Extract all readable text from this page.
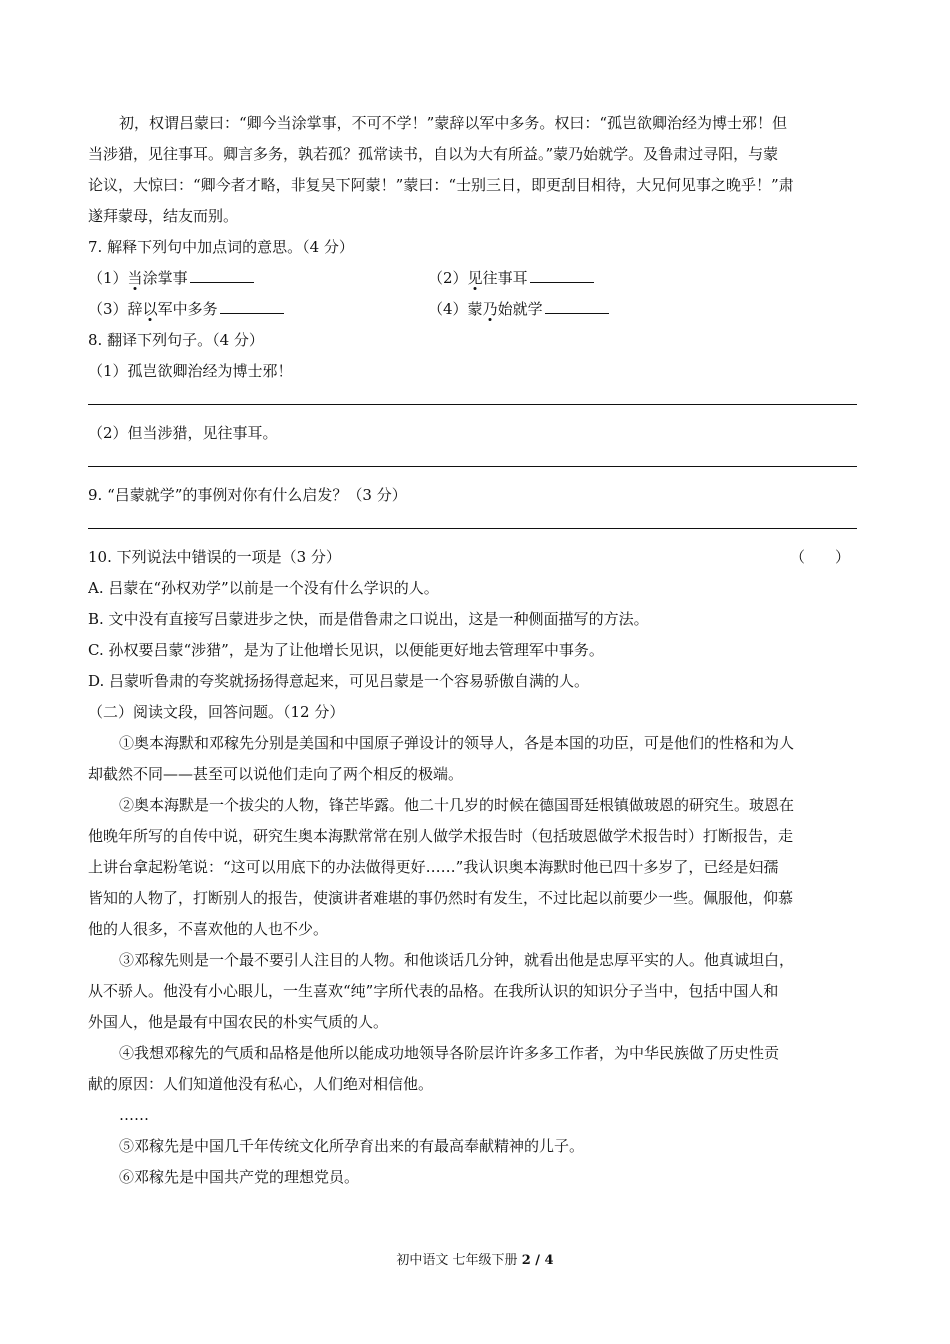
初，权谓吕蒙曰：“卿今当涂掌事，不可不学！”蒙辞以军中多务。权曰：“孤岂欲卿治经为博士邪！但
当涉猎，见往事耳。卿言多务，孰若孤？孤常读书，自以为大有所益。”蒙乃始就学。及鲁肃过寻阳，与蒙
论议，大惊曰：“卿今者才略，非复吴下阿蒙！”蒙曰：“士别三日，即更刮目相待，大兄何见事之晚乎！”肃
遂拜蒙母，结友而别。
7. 解释下列句中加点词的意思。（4 分）
（1）当涂掌事	（2）见往事耳
（3）辞以军中多务	（4）蒙乃始就学
8. 翻译下列句子。（4 分）
（1）孤岂欲卿治经为博士邪！
（2）但当涉猎，见往事耳。
9. “吕蒙就学”的事例对你有什么启发？（3 分）
10. 下列说法中错误的一项是（3 分）	（　　）
A. 吕蒙在“孙权劝学”以前是一个没有什么学识的人。
B. 文中没有直接写吕蒙进步之快，而是借鲁肃之口说出，这是一种侧面描写的方法。
C. 孙权要吕蒙“涉猎”，是为了让他增长见识，以便能更好地去管理军中事务。
D. 吕蒙听鲁肃的夸奖就扬扬得意起来，可见吕蒙是一个容易骄傲自满的人。
（二）阅读文段，回答问题。（12 分）
①奥本海默和邓稼先分别是美国和中国原子弹设计的领导人，各是本国的功臣，可是他们的性格和为人
却截然不同——甚至可以说他们走向了两个相反的极端。
②奥本海默是一个拔尖的人物，锋芒毕露。他二十几岁的时候在德国哥廷根镇做玻恩的研究生。玻恩在
他晚年所写的自传中说，研究生奥本海默常常在别人做学术报告时（包括玻恩做学术报告时）打断报告，走
上讲台拿起粉笔说：“这可以用底下的办法做得更好……”我认识奥本海默时他已四十多岁了，已经是妇孺
皆知的人物了，打断别人的报告，使演讲者难堪的事仍然时有发生，不过比起以前要少一些。佩服他，仰慕
他的人很多，不喜欢他的人也不少。
③邓稼先则是一个最不要引人注目的人物。和他谈话几分钟，就看出他是忠厚平实的人。他真诚坦白，
从不骄人。他没有小心眼儿，一生喜欢“纯”字所代表的品格。在我所认识的知识分子当中，包括中国人和
外国人，他是最有中国农民的朴实气质的人。
④我想邓稼先的气质和品格是他所以能成功地领导各阶层许许多多工作者，为中华民族做了历史性贡
献的原因：人们知道他没有私心，人们绝对相信他。
……
⑤邓稼先是中国几千年传统文化所孕育出来的有最高奉献精神的儿子。
⑥邓稼先是中国共产党的理想党员。
初中语文 七年级下册 2 / 4
